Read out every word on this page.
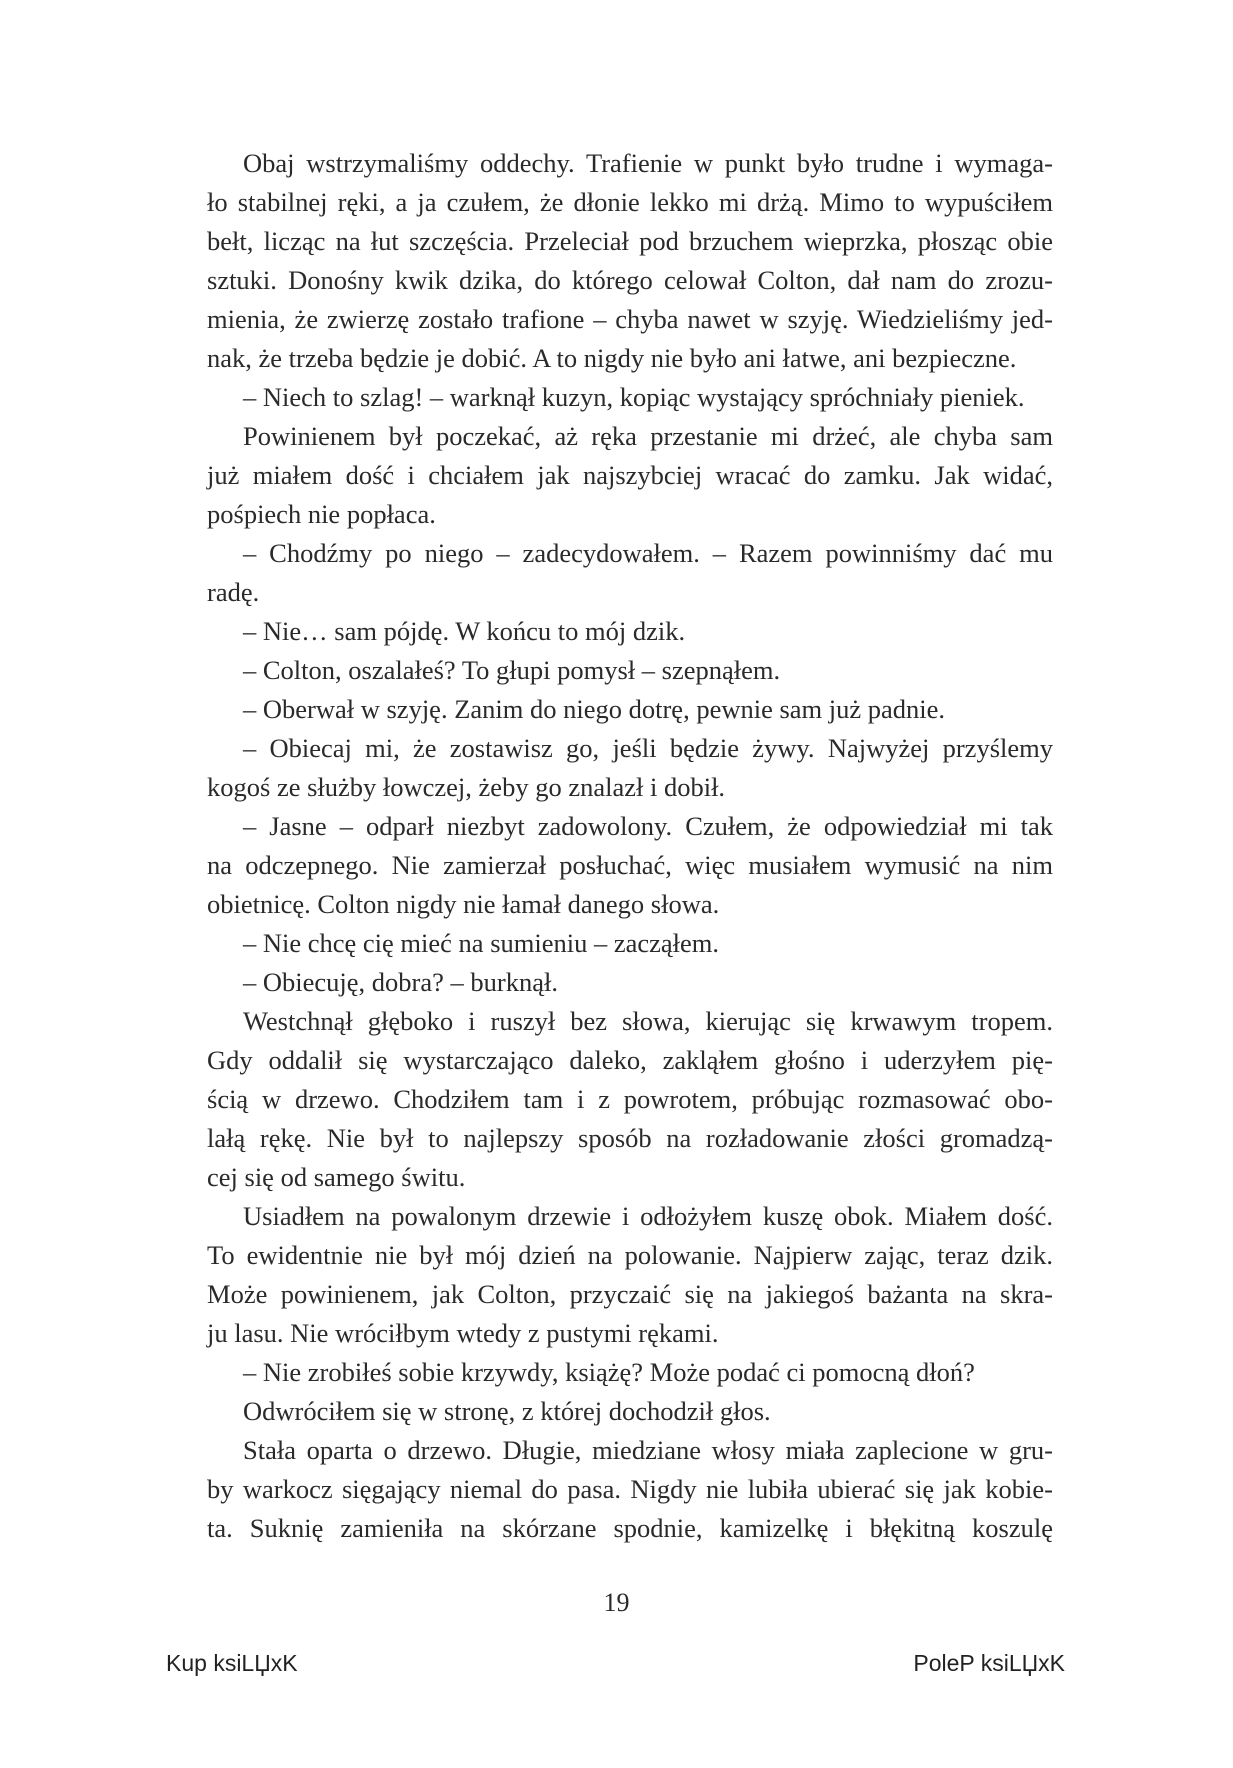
Obaj wstrzymaliśmy oddechy. Trafienie w punkt było trudne i wymaga-
ło stabilnej ręki, a ja czułem, że dłonie lekko mi drżą. Mimo to wypuściłem
bełt, licząc na łut szczęścia. Przeleciał pod brzuchem wieprzka, płosząc obie
sztuki. Donośny kwik dzika, do którego celował Colton, dał nam do zrozu-
mienia, że zwierzę zostało trafione – chyba nawet w szyję. Wiedzieliśmy jed-
nak, że trzeba będzie je dobić. A to nigdy nie było ani łatwe, ani bezpieczne.
– Niech to szlag! – warknął kuzyn, kopiąc wystający spróchniały pieniek.
Powinienem był poczekać, aż ręka przestanie mi drżeć, ale chyba sam
już miałem dość i chciałem jak najszybciej wracać do zamku. Jak widać,
pośpiech nie popłaca.
– Chodźmy po niego – zadecydowałem. – Razem powinniśmy dać mu
radę.
– Nie… sam pójdę. W końcu to mój dzik.
– Colton, oszalałeś? To głupi pomysł – szepnąłem.
– Oberwał w szyję. Zanim do niego dotrę, pewnie sam już padnie.
– Obiecaj mi, że zostawisz go, jeśli będzie żywy. Najwyżej przyślemy
kogoś ze służby łowczej, żeby go znalazł i dobił.
– Jasne – odparł niezbyt zadowolony. Czułem, że odpowiedział mi tak
na odczepnego. Nie zamierzał posłuchać, więc musiałem wymusić na nim
obietnicę. Colton nigdy nie łamał danego słowa.
– Nie chcę cię mieć na sumieniu – zacząłem.
– Obiecuję, dobra? – burknął.
Westchnął głęboko i ruszył bez słowa, kierując się krwawym tropem.
Gdy oddalił się wystarczająco daleko, zakląłem głośno i uderzyłem pię-
ścią w drzewo. Chodziłem tam i z powrotem, próbując rozmasować obo-
lałą rękę. Nie był to najlepszy sposób na rozładowanie złości gromadzą-
cej się od samego świtu.
Usiadłem na powalonym drzewie i odłożyłem kuszę obok. Miałem dość.
To ewidentnie nie był mój dzień na polowanie. Najpierw zając, teraz dzik.
Może powinienem, jak Colton, przyczaić się na jakiegoś bażanta na skra-
ju lasu. Nie wróciłbym wtedy z pustymi rękami.
– Nie zrobiłeś sobie krzywdy, książę? Może podać ci pomocną dłoń?
Odwróciłem się w stronę, z której dochodził głos.
Stała oparta o drzewo. Długie, miedziane włosy miała zaplecione w gru-
by warkocz sięgający niemal do pasa. Nigdy nie lubiła ubierać się jak kobie-
ta. Suknię zamieniła na skórzane spodnie, kamizelkę i błękitną koszulę
19
Kup ksiLЏxK	PoleP ksiLЏxK
